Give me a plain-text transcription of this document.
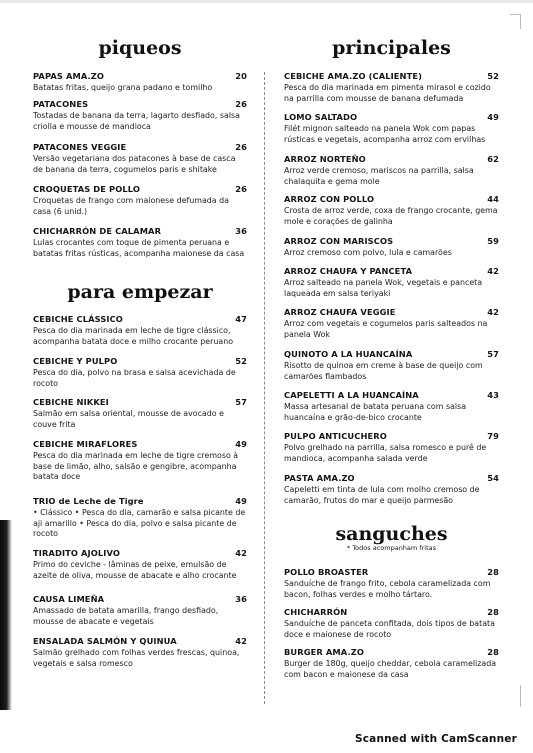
piqueos
PAPAS AMA.ZO	20
Batatas fritas, queijo grana padano e tomilho
PATACONES	26
Tostadas de banana da terra, lagarto desfiado, salsa criolla e mousse de mandioca
PATACONES VEGGIE	26
Versão vegetariana dos patacones à base de casca de banana da terra, cogumelos paris e shitake
CROQUETAS DE POLLO	26
Croquetas de frango com maionese defumada da casa (6 unid.)
CHICHARRÓN DE CALAMAR	36
Lulas crocantes com toque de pimenta peruana e batatas fritas rústicas, acompanha maionese da casa
para empezar
CEBICHE CLÁSSICO	47
Pesca do dia marinada em leche de tigre clássico, acompanha batata doce e milho crocante peruano
CEBICHE Y PULPO	52
Pesca do dia, polvo na brasa e salsa acevichada de rocoto
CEBICHE NIKKEI	57
Salmão em salsa oriental, mousse de avocado e couve frita
CEBICHE MIRAFLORES	49
Pesca do dia marinada em leche de tigre cremoso à base de limão, alho, salsão e gengibre, acompanha batata doce
TRIO de Leche de Tigre	49
• Clássico • Pesca do dia, camarão e salsa picante de aji amarillo • Pesca do dia, polvo e salsa picante de rocoto
TIRADITO AJOLIVO	42
Primo do ceviche - lâminas de peixe, emulsão de azeite de oliva, mousse de abacate e alho crocante
CAUSA LIMEÑA	36
Amassado de batata amarilla, frango desfiado, mousse de abacate e vegetais
ENSALADA SALMÓN Y QUINUA	42
Salmão grelhado com folhas verdes frescas, quinoa, vegetais e salsa romesco
principales
CEBICHE AMA.ZO (CALIENTE)	52
Pesca do dia marinada em pimenta mirasol e cozido na parrilla com mousse de banana defumada
LOMO SALTADO	49
Filét mignon salteado na panela Wok com papas rústicas e vegetais, acompanha arroz com ervilhas
ARROZ NORTEÑO	62
Arroz verde cremoso, mariscos na parrilla, salsa chalaquita e gema mole
ARROZ CON POLLO	44
Crosta de arroz verde, coxa de frango crocante, gema mole e corações de galinha
ARROZ CON MARISCOS	59
Arroz cremoso com polvo, lula e camarões
ARROZ CHAUFA Y PANCETA	42
Arroz salteado na panela Wok, vegetais e panceta laqueada em salsa teriyaki
ARROZ CHAUFA VEGGIE	42
Arroz com vegetais e cogumelos paris salteados na panela Wok
QUINOTO A LA HUANCAÍNA	57
Risotto de quinoa em creme à base de queijo com camarões flambados
CAPELETTI A LA HUANCAÍNA	43
Massa artesanal de batata peruana com salsa huancaína e grão-de-bico crocante
PULPO ANTICUCHERO	79
Polvo grelhado na parrilla, salsa romesco e purê de mandioca, acompanha salada verde
PASTA AMA.ZO	54
Capeletti em tinta de lula com molho cremoso de camarão, frutos do mar e queijo parmesão
sanguches
* Todos acompanham fritas
POLLO BROASTER	28
Sanduíche de frango frito, cebola caramelizada com bacon, folhas verdes e molho tártaro.
CHICHARRÓN	28
Sanduíche de panceta confitada, dois tipos de batata doce e maionese de rocoto
BURGER AMA.ZO	28
Burger de 180g, queijo cheddar, cebola caramelizada com bacon e maionese da casa
Scanned with CamScanner
